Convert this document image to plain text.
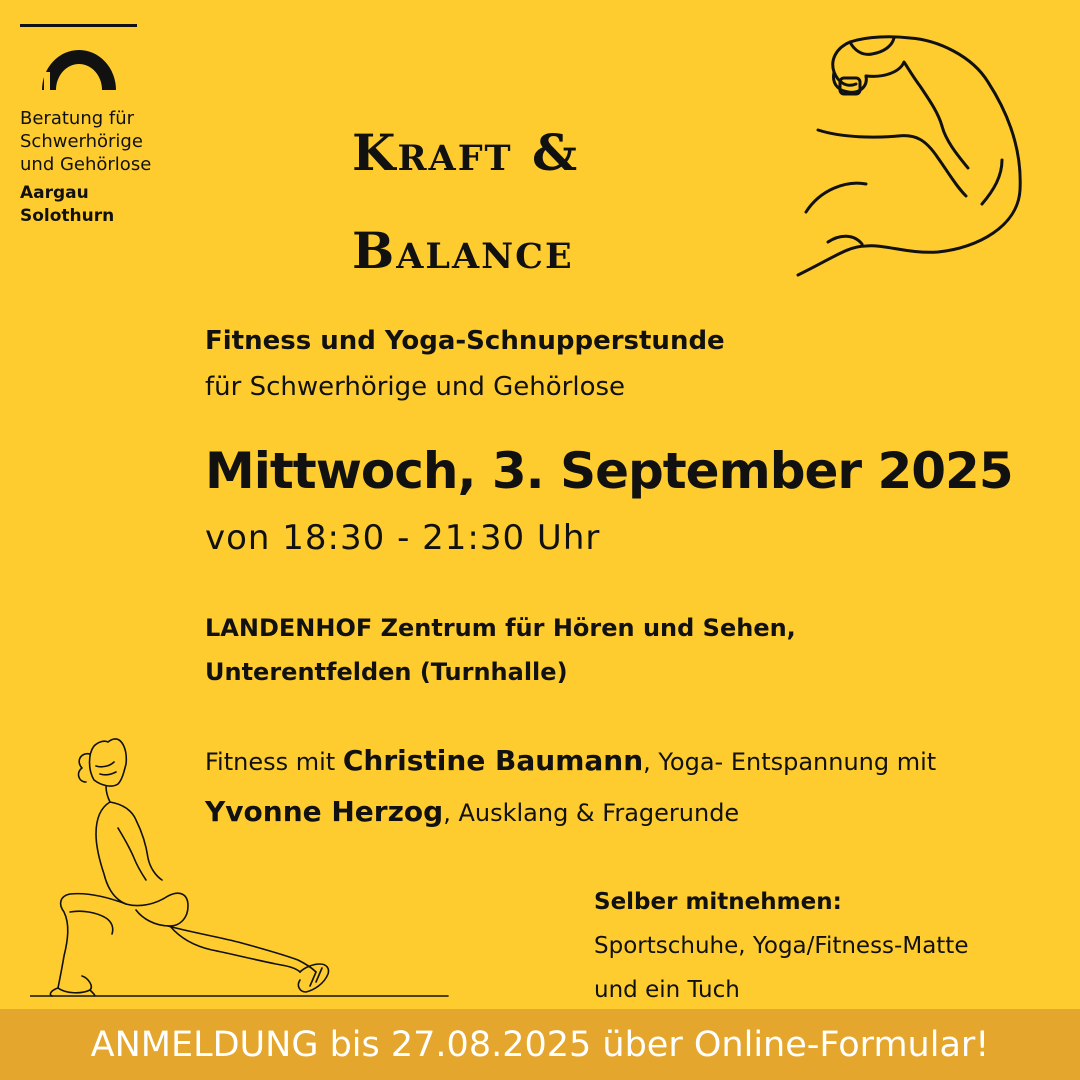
Beratung für
Schwerhörige
und Gehörlose
Aargau
Solothurn
Kraft &
Balance
Fitness und Yoga-Schnupperstunde
für Schwerhörige und Gehörlose
Mittwoch, 3. September 2025
von 18:30 - 21:30 Uhr
LANDENHOF Zentrum für Hören und Sehen,
Unterentfelden (Turnhalle)
Fitness mit Christine Baumann, Yoga- Entspannung mit
Yvonne Herzog, Ausklang & Fragerunde
Selber mitnehmen:
Sportschuhe, Yoga/Fitness-Matte
und ein Tuch
ANMELDUNG bis 27.08.2025 über Online-Formular!
